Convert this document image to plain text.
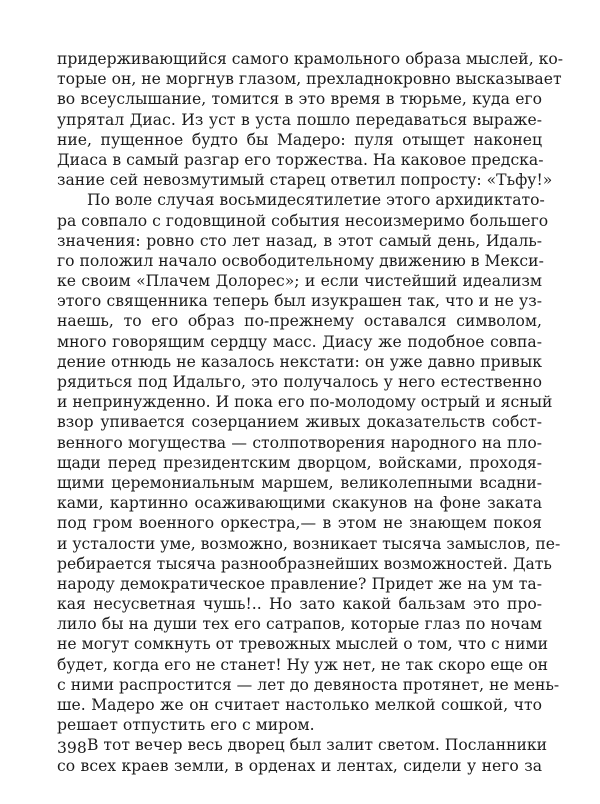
придерживающийся самого крамольного образа мыслей, ко-
торые он, не моргнув глазом, прехладнокровно высказывает
во всеуслышание, томится в это время в тюрьме, куда его
упрятал Диас. Из уст в уста пошло передаваться выраже-
ние, пущенное будто бы Мадеро: пуля отыщет наконец
Диаса в самый разгар его торжества. На каковое предска-
зание сей невозмутимый старец ответил попросту: «Тьфу!»
По воле случая восьмидесятилетие этого архидиктато-
ра совпало с годовщиной события несоизмеримо большего
значения: ровно сто лет назад, в этот самый день, Идаль-
го положил начало освободительному движению в Мекси-
ке своим «Плачем Долорес»; и если чистейший идеализм
этого священника теперь был изукрашен так, что и не уз-
наешь, то его образ по-прежнему оставался символом,
много говорящим сердцу масс. Диасу же подобное совпа-
дение отнюдь не казалось некстати: он уже давно привык
рядиться под Идальго, это получалось у него естественно
и непринужденно. И пока его по-молодому острый и ясный
взор упивается созерцанием живых доказательств собст-
венного могущества — столпотворения народного на пло-
щади перед президентским дворцом, войсками, проходя-
щими церемониальным маршем, великолепными всадни-
ками, картинно осаживающими скакунов на фоне заката
под гром военного оркестра,— в этом не знающем покоя
и усталости уме, возможно, возникает тысяча замыслов, пе-
ребирается тысяча разнообразнейших возможностей. Дать
народу демократическое правление? Придет же на ум та-
кая несусветная чушь!.. Но зато какой бальзам это про-
лило бы на души тех его сатрапов, которые глаз по ночам
не могут сомкнуть от тревожных мыслей о том, что с ними
будет, когда его не станет! Ну уж нет, не так скоро еще он
с ними распростится — лет до девяноста протянет, не мень-
ше. Мадеро же он считает настолько мелкой сошкой, что
решает отпустить его с миром.
В тот вечер весь дворец был залит светом. Посланники
со всех краев земли, в орденах и лентах, сидели у него за
398
